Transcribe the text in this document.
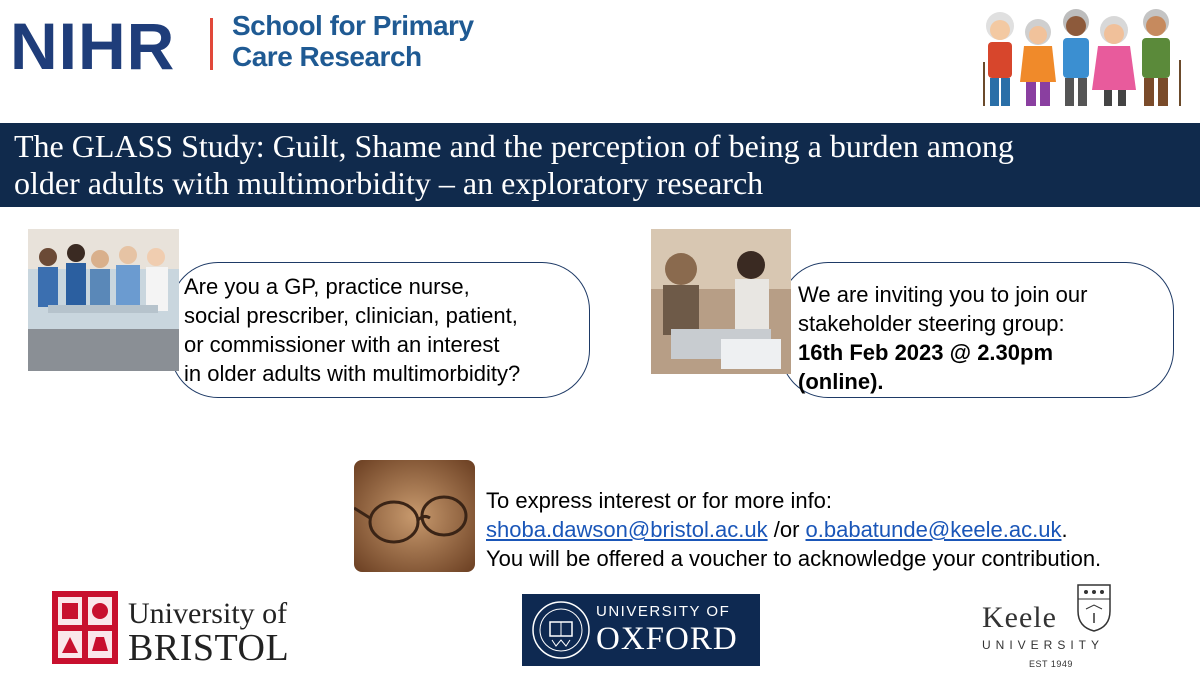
NIHR School for Primary
Care Research
The GLASS Study: Guilt, Shame and the perception of being a burden among
older adults with multimorbidity – an exploratory research
Are you a GP, practice nurse,
social prescriber, clinician, patient,
or commissioner with an interest
in older adults with multimorbidity?
We are inviting you to join our
stakeholder steering group:
16th Feb 2023 @ 2.30pm
(online).
To express interest or for more info:
shoba.dawson@bristol.ac.uk /or o.babatunde@keele.ac.uk.
You will be offered a voucher to acknowledge your contribution.
University of
BRISTOL
UNIVERSITY OF
OXFORD
Keele
UNIVERSITY
EST 1949
